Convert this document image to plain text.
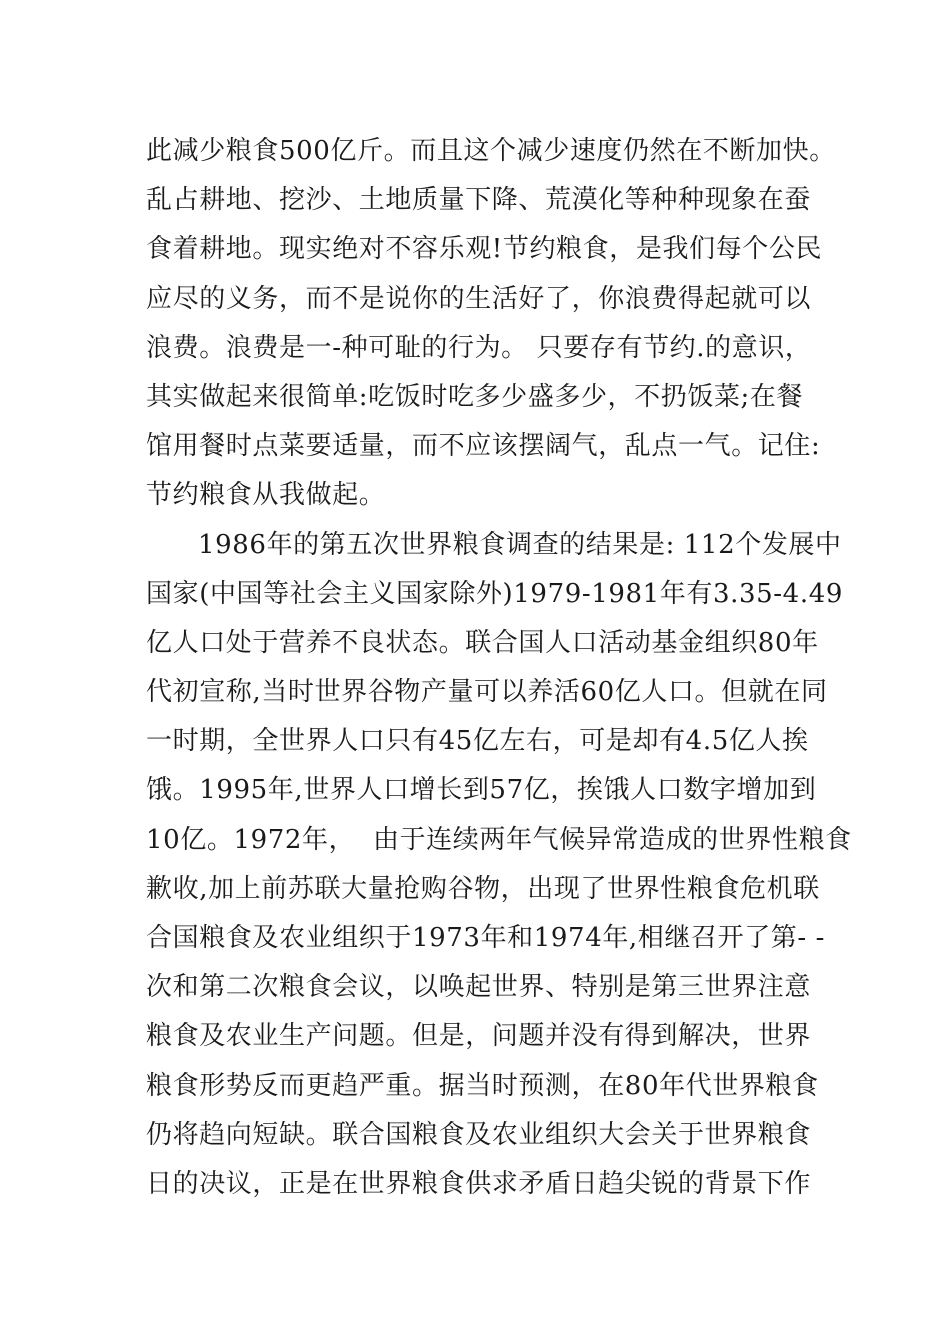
此减少粮食500亿斤。而且这个减少速度仍然在不断加快。
乱占耕地、挖沙、土地质量下降、荒漠化等种种现象在蚕
食着耕地。现实绝对不容乐观!节约粮食，是我们每个公民
应尽的义务，而不是说你的生活好了，你浪费得起就可以
浪费。浪费是一-种可耻的行为。 只要存有节约.的意识，
其实做起来很简单:吃饭时吃多少盛多少，不扔饭菜;在餐
馆用餐时点菜要适量，而不应该摆阔气，乱点一气。记住:
节约粮食从我做起。
1986年的第五次世界粮食调查的结果是: 112个发展中
国家(中国等社会主义国家除外)1979-1981年有3.35-4.49
亿人口处于营养不良状态。联合国人口活动基金组织80年
代初宣称,当时世界谷物产量可以养活60亿人口。但就在同
一时期，全世界人口只有45亿左右，可是却有4.5亿人挨
饿。1995年,世界人口增长到57亿，挨饿人口数字增加到
10亿。1972年，  由于连续两年气候异常造成的世界性粮食
歉收,加上前苏联大量抢购谷物，出现了世界性粮食危机联
合国粮食及农业组织于1973年和1974年,相继召开了第- -
次和第二次粮食会议，以唤起世界、特别是第三世界注意
粮食及农业生产问题。但是，问题并没有得到解决，世界
粮食形势反而更趋严重。据当时预测，在80年代世界粮食
仍将趋向短缺。联合国粮食及农业组织大会关于世界粮食
日的决议，正是在世界粮食供求矛盾日趋尖锐的背景下作
